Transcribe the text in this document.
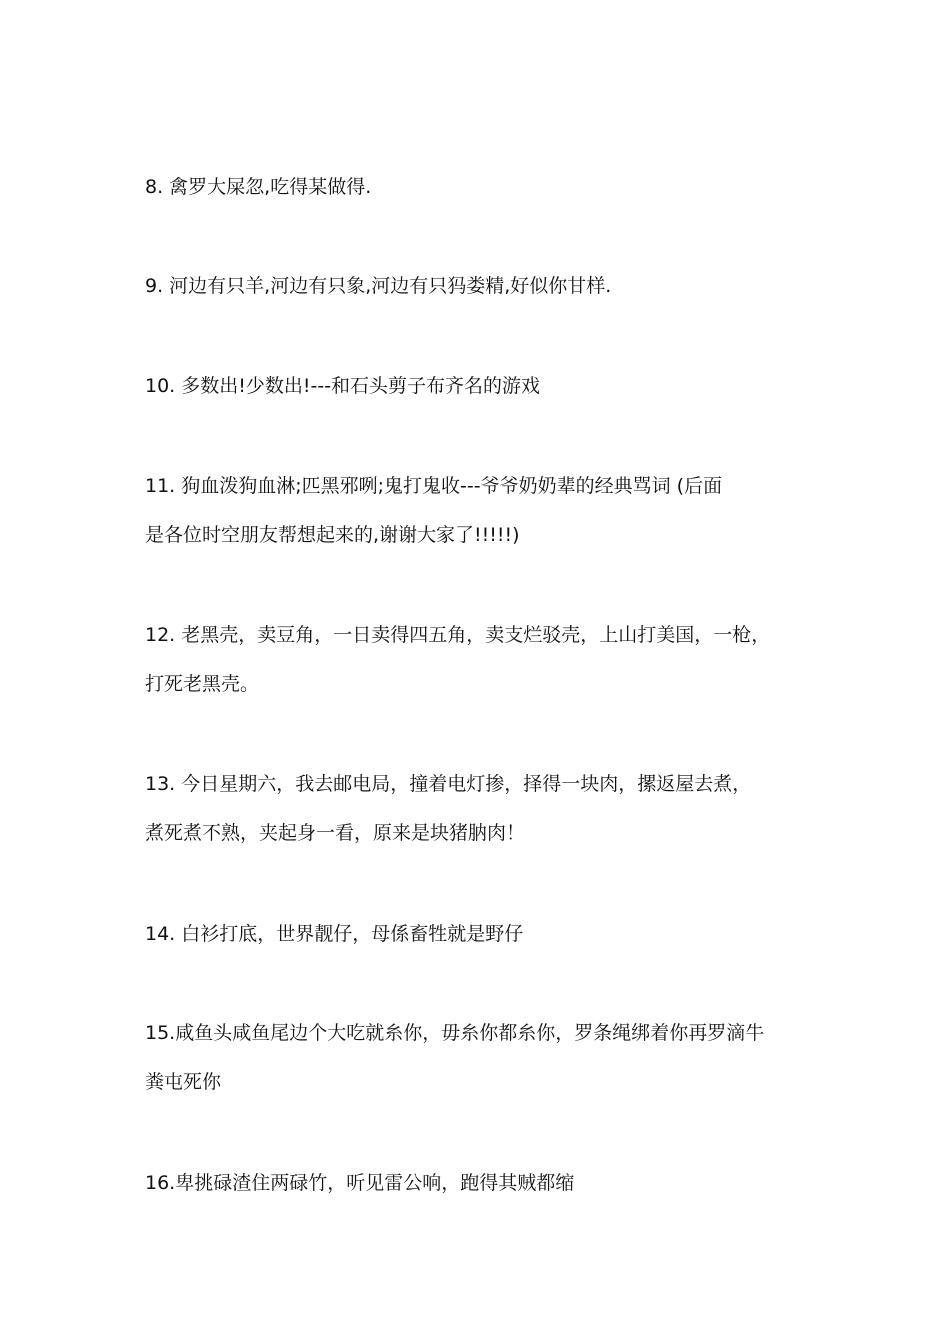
8. 禽罗大屎忽,吃得某做得.

9. 河边有只羊,河边有只象,河边有只犸娄精,好似你甘样.

10. 多数出!少数出!---和石头剪子布齐名的游戏

11. 狗血泼狗血淋;匹黑邪咧;鬼打鬼收---爷爷奶奶辈的经典骂词 (后面
是各位时空朋友帮想起来的,谢谢大家了!!!!!)

12. 老黑壳，卖豆角，一日卖得四五角，卖支烂驳壳，上山打美国，一枪，
打死老黑壳。

13. 今日星期六，我去邮电局，撞着电灯掺，择得一块肉，摞返屋去煮，
煮死煮不熟，夹起身一看，原来是块猪肭肉！

14. 白衫打底，世界靓仔，母係畜牲就是野仔

15.咸鱼头咸鱼尾边个大吃就糸你，毋糸你都糸你，罗条绳绑着你再罗滴牛
粪屯死你

16.卑挑碌渣住两碌竹，听见雷公响，跑得其贼都缩
